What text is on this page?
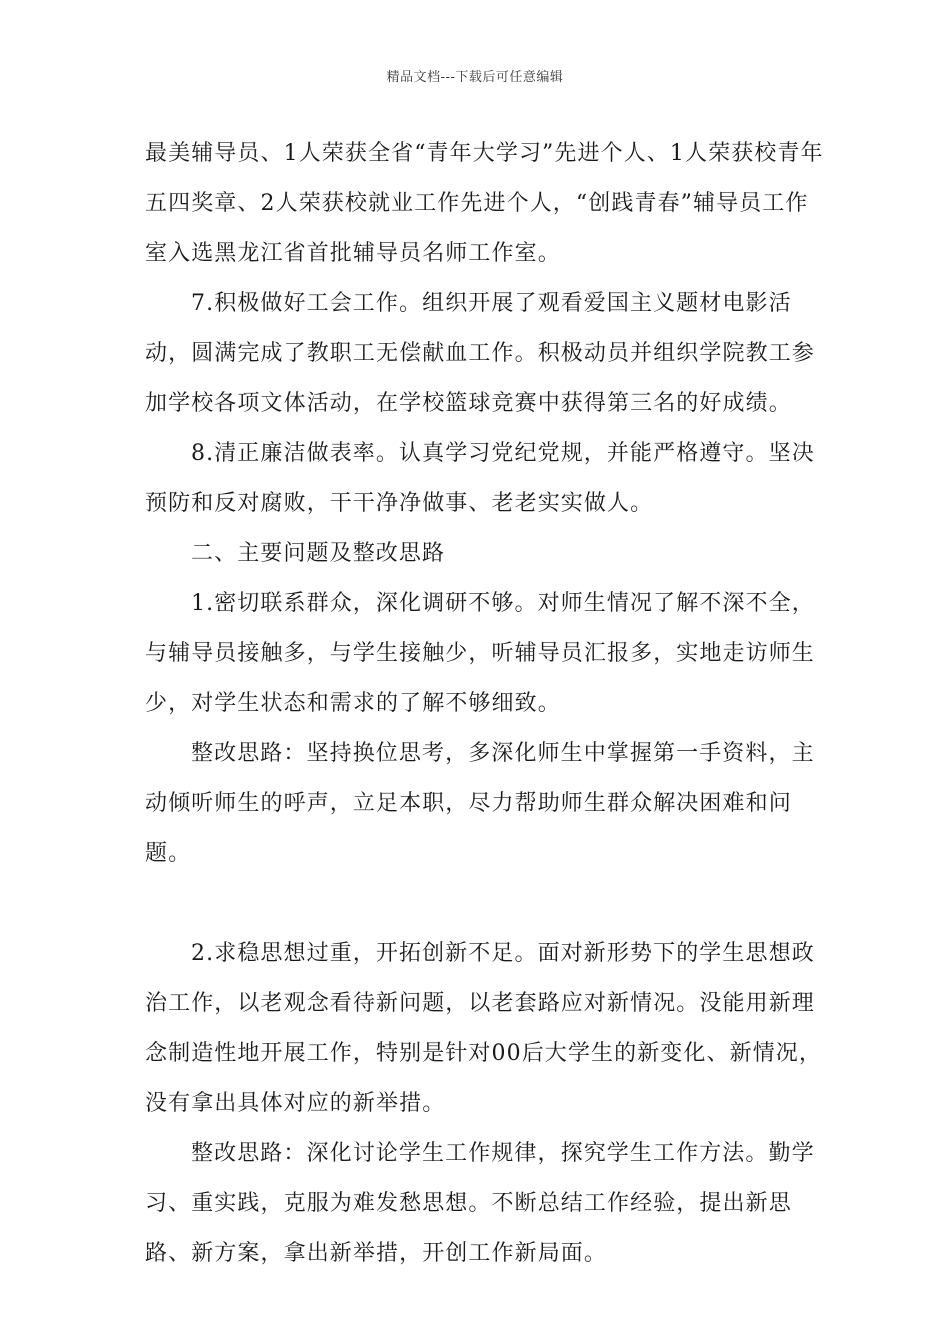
精品文档---下载后可任意编辑

最美辅导员、1人荣获全省“青年大学习”先进个人、1人荣获校青年五四奖章、2人荣获校就业工作先进个人，“创践青春”辅导员工作室入选黑龙江省首批辅导员名师工作室。

7.积极做好工会工作。组织开展了观看爱国主义题材电影活动，圆满完成了教职工无偿献血工作。积极动员并组织学院教工参加学校各项文体活动，在学校篮球竞赛中获得第三名的好成绩。

8.清正廉洁做表率。认真学习党纪党规，并能严格遵守。坚决预防和反对腐败，干干净净做事、老老实实做人。

二、主要问题及整改思路

1.密切联系群众，深化调研不够。对师生情况了解不深不全，与辅导员接触多，与学生接触少，听辅导员汇报多，实地走访师生少，对学生状态和需求的了解不够细致。

整改思路：坚持换位思考，多深化师生中掌握第一手资料，主动倾听师生的呼声，立足本职，尽力帮助师生群众解决困难和问题。

2.求稳思想过重，开拓创新不足。面对新形势下的学生思想政治工作，以老观念看待新问题，以老套路应对新情况。没能用新理念制造性地开展工作，特别是针对00后大学生的新变化、新情况，没有拿出具体对应的新举措。

整改思路：深化讨论学生工作规律，探究学生工作方法。勤学习、重实践，克服为难发愁思想。不断总结工作经验，提出新思路、新方案，拿出新举措，开创工作新局面。
